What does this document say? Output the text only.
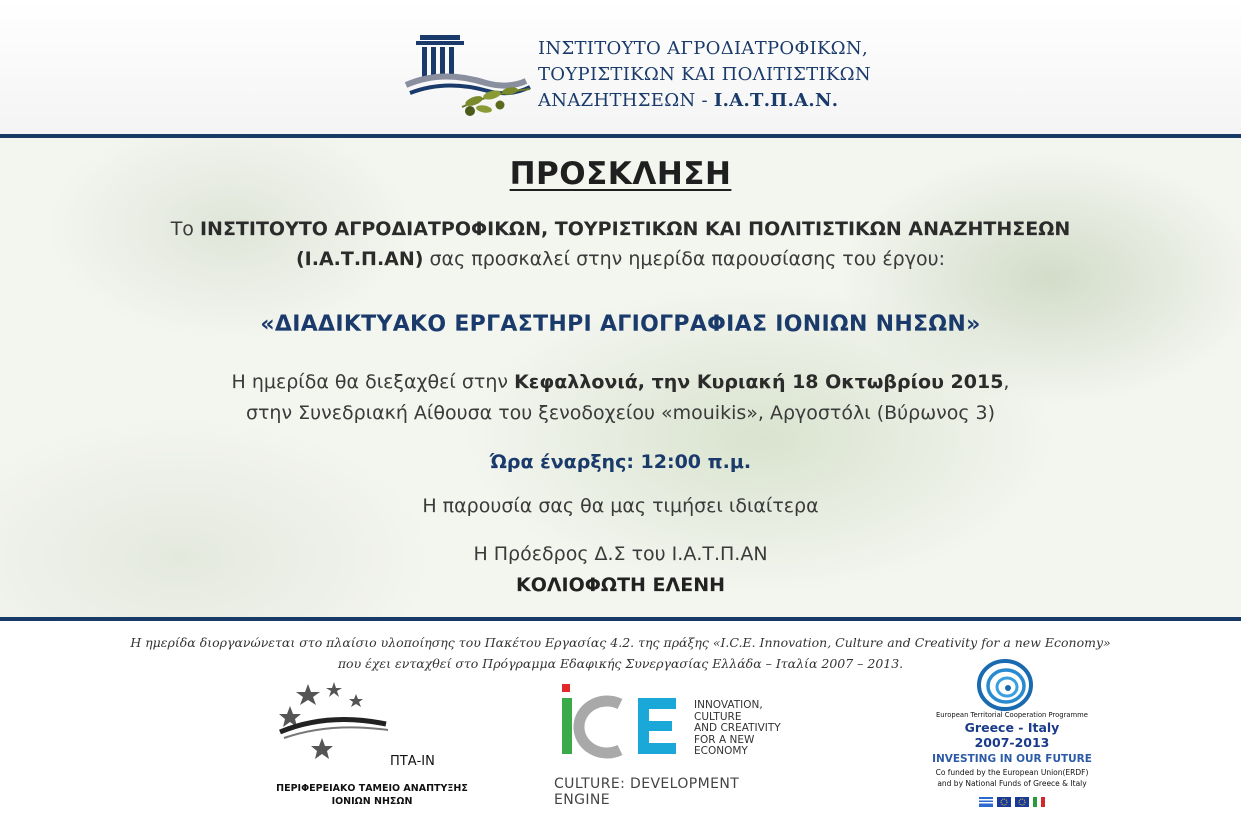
ΙΝΣΤΙΤΟΥΤΟ ΑΓΡΟΔΙΑΤΡΟΦΙΚΩΝ,
ΤΟΥΡΙΣΤΙΚΩΝ ΚΑΙ ΠΟΛΙΤΙΣΤΙΚΩΝ
ΑΝΑΖΗΤΗΣΕΩΝ - Ι.Α.Τ.Π.Α.Ν.
ΠΡΟΣΚΛΗΣΗ
Το ΙΝΣΤΙΤΟΥΤΟ ΑΓΡΟΔΙΑΤΡΟΦΙΚΩΝ, ΤΟΥΡΙΣΤΙΚΩΝ ΚΑΙ ΠΟΛΙΤΙΣΤΙΚΩΝ ΑΝΑΖΗΤΗΣΕΩΝ
(Ι.Α.Τ.Π.ΑΝ) σας προσκαλεί στην ημερίδα παρουσίασης του έργου:
«ΔΙΑΔΙΚΤΥΑΚΟ ΕΡΓΑΣΤΗΡΙ ΑΓΙΟΓΡΑΦΙΑΣ ΙΟΝΙΩΝ ΝΗΣΩΝ»
Η ημερίδα θα διεξαχθεί στην Κεφαλλονιά, την Κυριακή 18 Οκτωβρίου 2015,
στην Συνεδριακή Αίθουσα του ξενοδοχείου «mouikis», Αργοστόλι (Βύρωνος 3)
Ώρα έναρξης: 12:00 π.μ.
Η παρουσία σας θα μας τιμήσει ιδιαίτερα
Η Πρόεδρος Δ.Σ του Ι.Α.Τ.Π.ΑΝ
ΚΟΛΙΟΦΩΤΗ ΕΛΕΝΗ
Η ημερίδα διοργανώνεται στο πλαίσιο υλοποίησης του Πακέτου Εργασίας 4.2. της πράξης «I.C.E. Innovation, Culture and Creativity for a new Economy»
που έχει ενταχθεί στο Πρόγραμμα Εδαφικής Συνεργασίας Ελλάδα – Ιταλία 2007 – 2013.
ΠΤΑ-ΙΝ
ΠΕΡΙΦΕΡΕΙΑΚΟ ΤΑΜΕΙΟ ΑΝΑΠΤΥΞΗΣ
ΙΟΝΙΩΝ ΝΗΣΩΝ
INNOVATION,
CULTURE
AND CREATIVITY
FOR A NEW
ECONOMY
CULTURE: DEVELOPMENT ENGINE
European Territorial Cooperation Programme
Greece - Italy
2007-2013
INVESTING IN OUR FUTURE
Co funded by the European Union(ERDF)
and by National Funds of Greece & Italy
